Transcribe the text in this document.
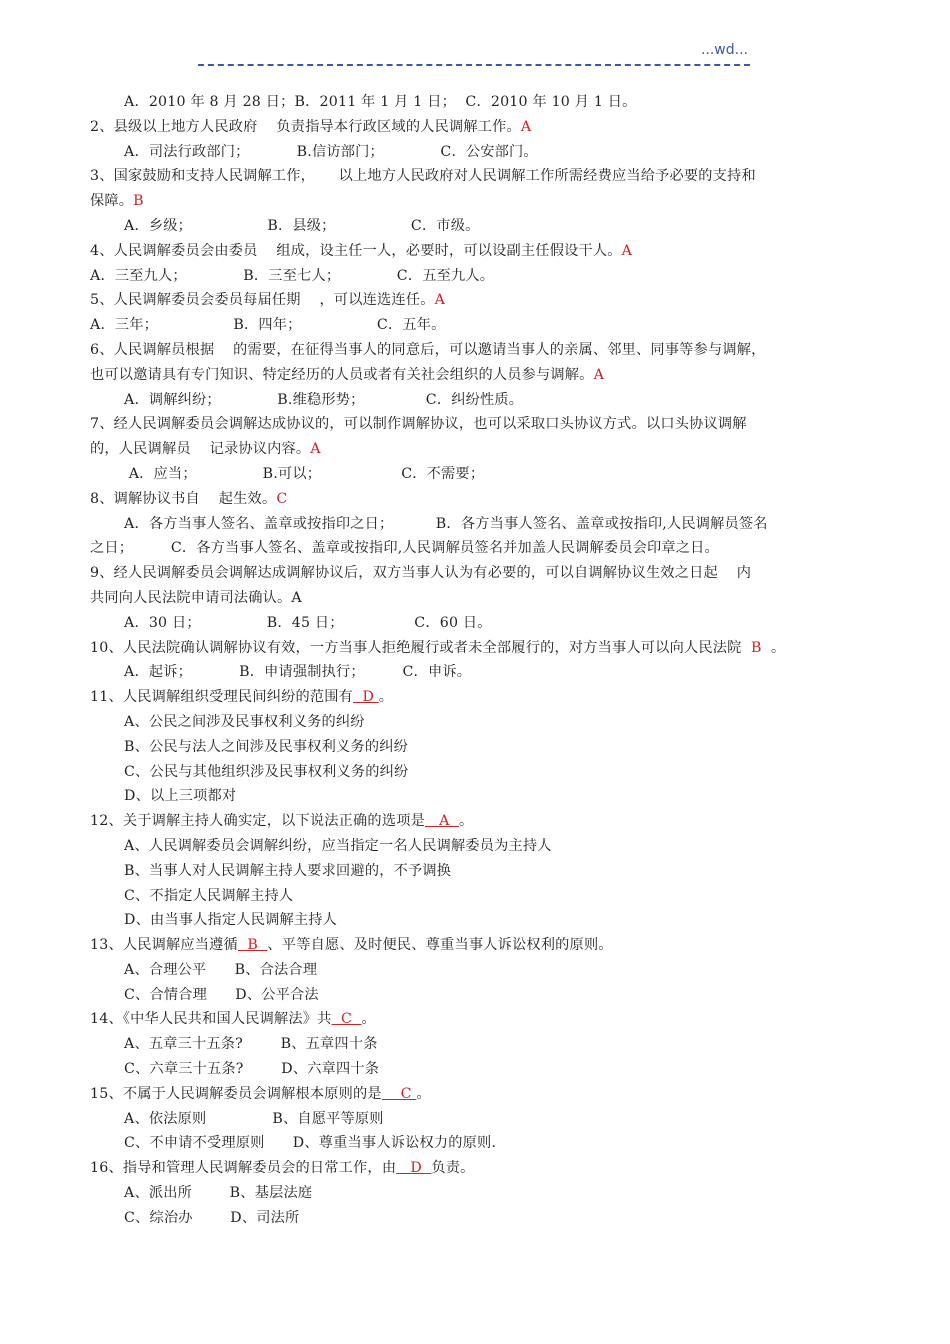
...wd...
A．2010 年 8 月 28 日；B．2011 年 1 月 1 日；  C．2010 年 10 月 1 日。
2、县级以上地方人民政府    负责指导本行政区域的人民调解工作。A
A．司法行政部门；          B.信访部门；            C．公安部门。
3、国家鼓励和支持人民调解工作，     以上地方人民政府对人民调解工作所需经费应当给予必要的支持和
保障。B
A．乡级；                B．县级；                C．市级。
4、人民调解委员会由委员    组成，设主任一人，必要时，可以设副主任假设干人。A
A．三至九人；            B．三至七人；            C．五至九人。
5、人民调解委员会委员每届任期    ，可以连选连任。A
A．三年；                B．四年；                C．五年。
6、人民调解员根据    的需要，在征得当事人的同意后，可以邀请当事人的亲属、邻里、同事等参与调解，
也可以邀请具有专门知识、特定经历的人员或者有关社会组织的人员参与调解。A
A．调解纠纷；            B.维稳形势；             C．纠纷性质。
7、经人民调解委员会调解达成协议的，可以制作调解协议，也可以采取口头协议方式。以口头协议调解
的，人民调解员    记录协议内容。A
A．应当；              B.可以；                 C．不需要；
8、调解协议书自    起生效。C
A．各方当事人签名、盖章或按指印之日；         B．各方当事人签名、盖章或按指印,人民调解员签名
之日；        C．各方当事人签名、盖章或按指印,人民调解员签名并加盖人民调解委员会印章之日。
9、经人民调解委员会调解达成调解协议后，双方当事人认为有必要的，可以自调解协议生效之日起    内
共同向人民法院申请司法确认。A
A．30 日；              B．45 日；               C．60 日。
10、人民法院确认调解协议有效，一方当事人拒绝履行或者未全部履行的，对方当事人可以向人民法院  B  。
A．起诉；          B．申请强制执行；        C．申诉。
11、人民调解组织受理民间纠纷的范围有  D 。
A、公民之间涉及民事权利义务的纠纷
B、公民与法人之间涉及民事权利义务的纠纷
C、公民与其他组织涉及民事权利义务的纠纷
D、以上三项都对
12、关于调解主持人确实定，以下说法正确的选项是   A  。
A、人民调解委员会调解纠纷，应当指定一名人民调解委员为主持人
B、当事人对人民调解主持人要求回避的，不予调换
C、不指定人民调解主持人
D、由当事人指定人民调解主持人
13、人民调解应当遵循  B  、平等自愿、及时便民、尊重当事人诉讼权利的原则。
A、合理公平      B、合法合理
C、合情合理      D、公平合法
14、《中华人民共和国人民调解法》共  C  。
A、五章三十五条?        B、五章四十条
C、六章三十五条?        D、六章四十条
15、不属于人民调解委员会调解根本原则的是    C 。
A、依法原则              B、自愿平等原则
C、不申请不受理原则      D、尊重当事人诉讼权力的原则.
16、指导和管理人民调解委员会的日常工作，由   D  负责。
A、派出所        B、基层法庭
C、综治办        D、司法所
